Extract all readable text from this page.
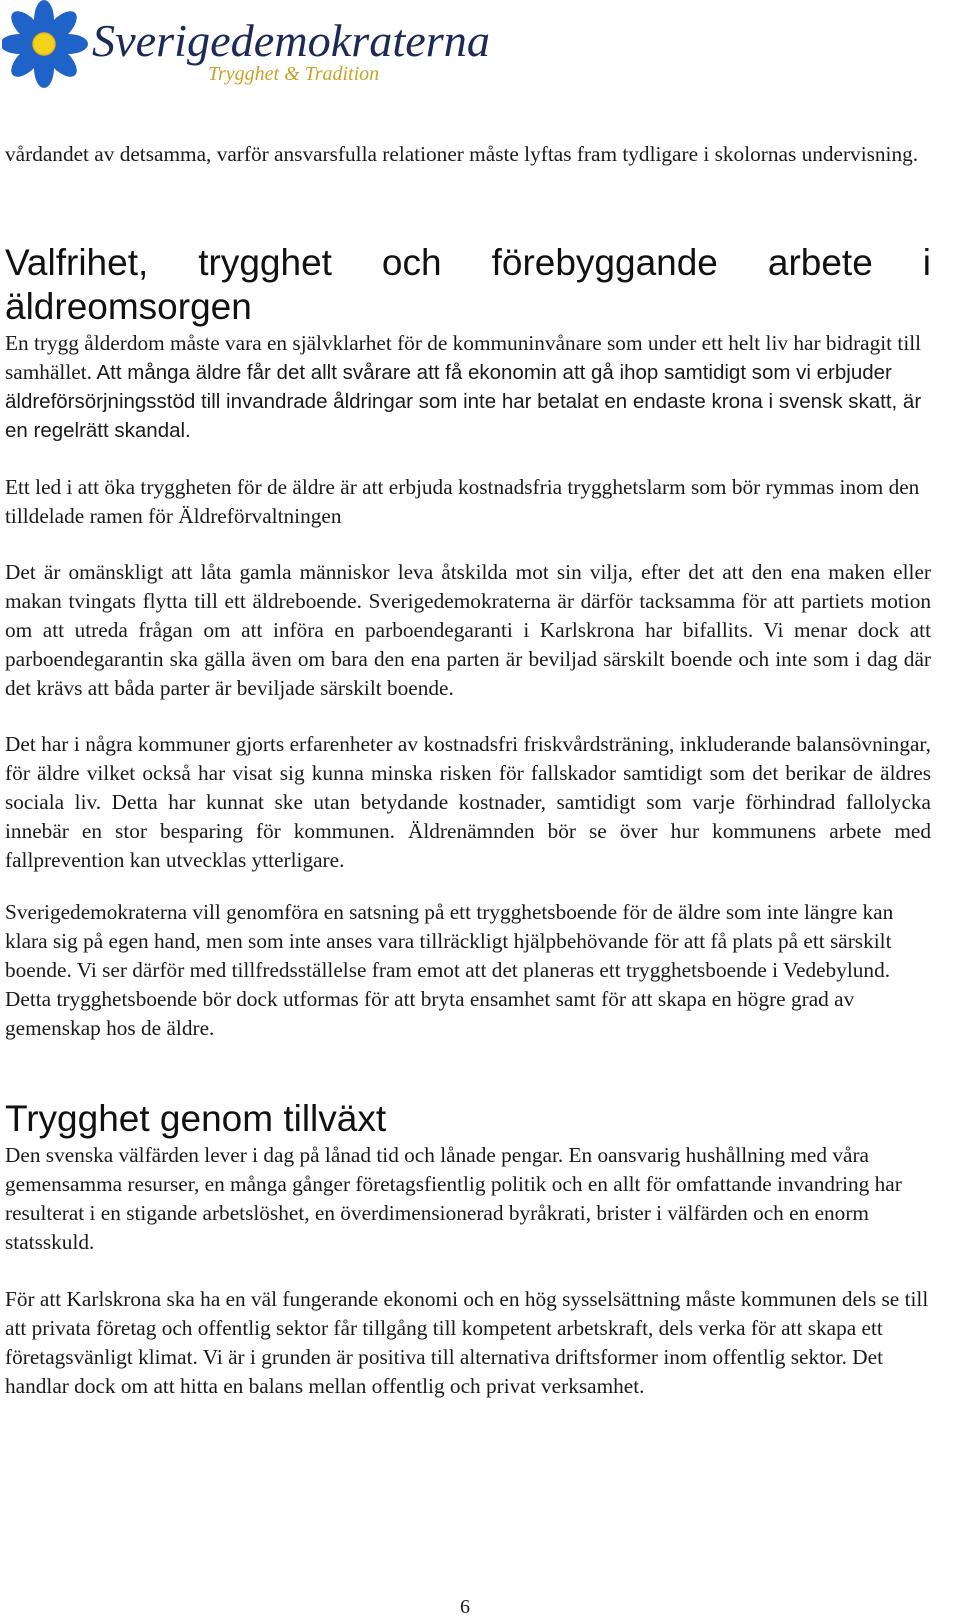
Sverigedemokraterna
Trygghet & Tradition

vårdandet av detsamma, varför ansvarsfulla relationer måste lyftas fram tydligare i skolornas undervisning.

Valfrihet, trygghet och förebyggande arbete i
äldreomsorgen

En trygg ålderdom måste vara en självklarhet för de kommuninvånare som under ett helt liv har bidragit till samhället. Att många äldre får det allt svårare att få ekonomin att gå ihop samtidigt som vi erbjuder äldreförsörjningsstöd till invandrade åldringar som inte har betalat en endaste krona i svensk skatt, är en regelrätt skandal.

Ett led i att öka tryggheten för de äldre är att erbjuda kostnadsfria trygghetslarm som bör rymmas inom den tilldelade ramen för Äldreförvaltningen

Det är omänskligt att låta gamla människor leva åtskilda mot sin vilja, efter det att den ena maken eller makan tvingats flytta till ett äldreboende. Sverigedemokraterna är därför tacksamma för att partiets motion om att utreda frågan om att införa en parboendegaranti i Karlskrona har bifallits. Vi menar dock att parboendegarantin ska gälla även om bara den ena parten är beviljad särskilt boende och inte som i dag där det krävs att båda parter är beviljade särskilt boende.

Det har i några kommuner gjorts erfarenheter av kostnadsfri friskvårdsträning, inkluderande balansövningar, för äldre vilket också har visat sig kunna minska risken för fallskador samtidigt som det berikar de äldres sociala liv. Detta har kunnat ske utan betydande kostnader, samtidigt som varje förhindrad fallolycka innebär en stor besparing för kommunen. Äldrenämnden bör se över hur kommunens arbete med fallprevention kan utvecklas ytterligare.

Sverigedemokraterna vill genomföra en satsning på ett trygghetsboende för de äldre som inte längre kan klara sig på egen hand, men som inte anses vara tillräckligt hjälpbehövande för att få plats på ett särskilt boende. Vi ser därför med tillfredsställelse fram emot att det planeras ett trygghetsboende i Vedebylund. Detta trygghetsboende bör dock utformas för att bryta ensamhet samt för att skapa en högre grad av gemenskap hos de äldre.

Trygghet genom tillväxt

Den svenska välfärden lever i dag på lånad tid och lånade pengar. En oansvarig hushållning med våra gemensamma resurser, en många gånger företagsfientlig politik och en allt för omfattande invandring har resulterat i en stigande arbetslöshet, en överdimensionerad byråkrati, brister i välfärden och en enorm statsskuld.

För att Karlskrona ska ha en väl fungerande ekonomi och en hög sysselsättning måste kommunen dels se till att privata företag och offentlig sektor får tillgång till kompetent arbetskraft, dels verka för att skapa ett företagsvänligt klimat. Vi är i grunden är positiva till alternativa driftsformer inom offentlig sektor. Det handlar dock om att hitta en balans mellan offentlig och privat verksamhet.

6
